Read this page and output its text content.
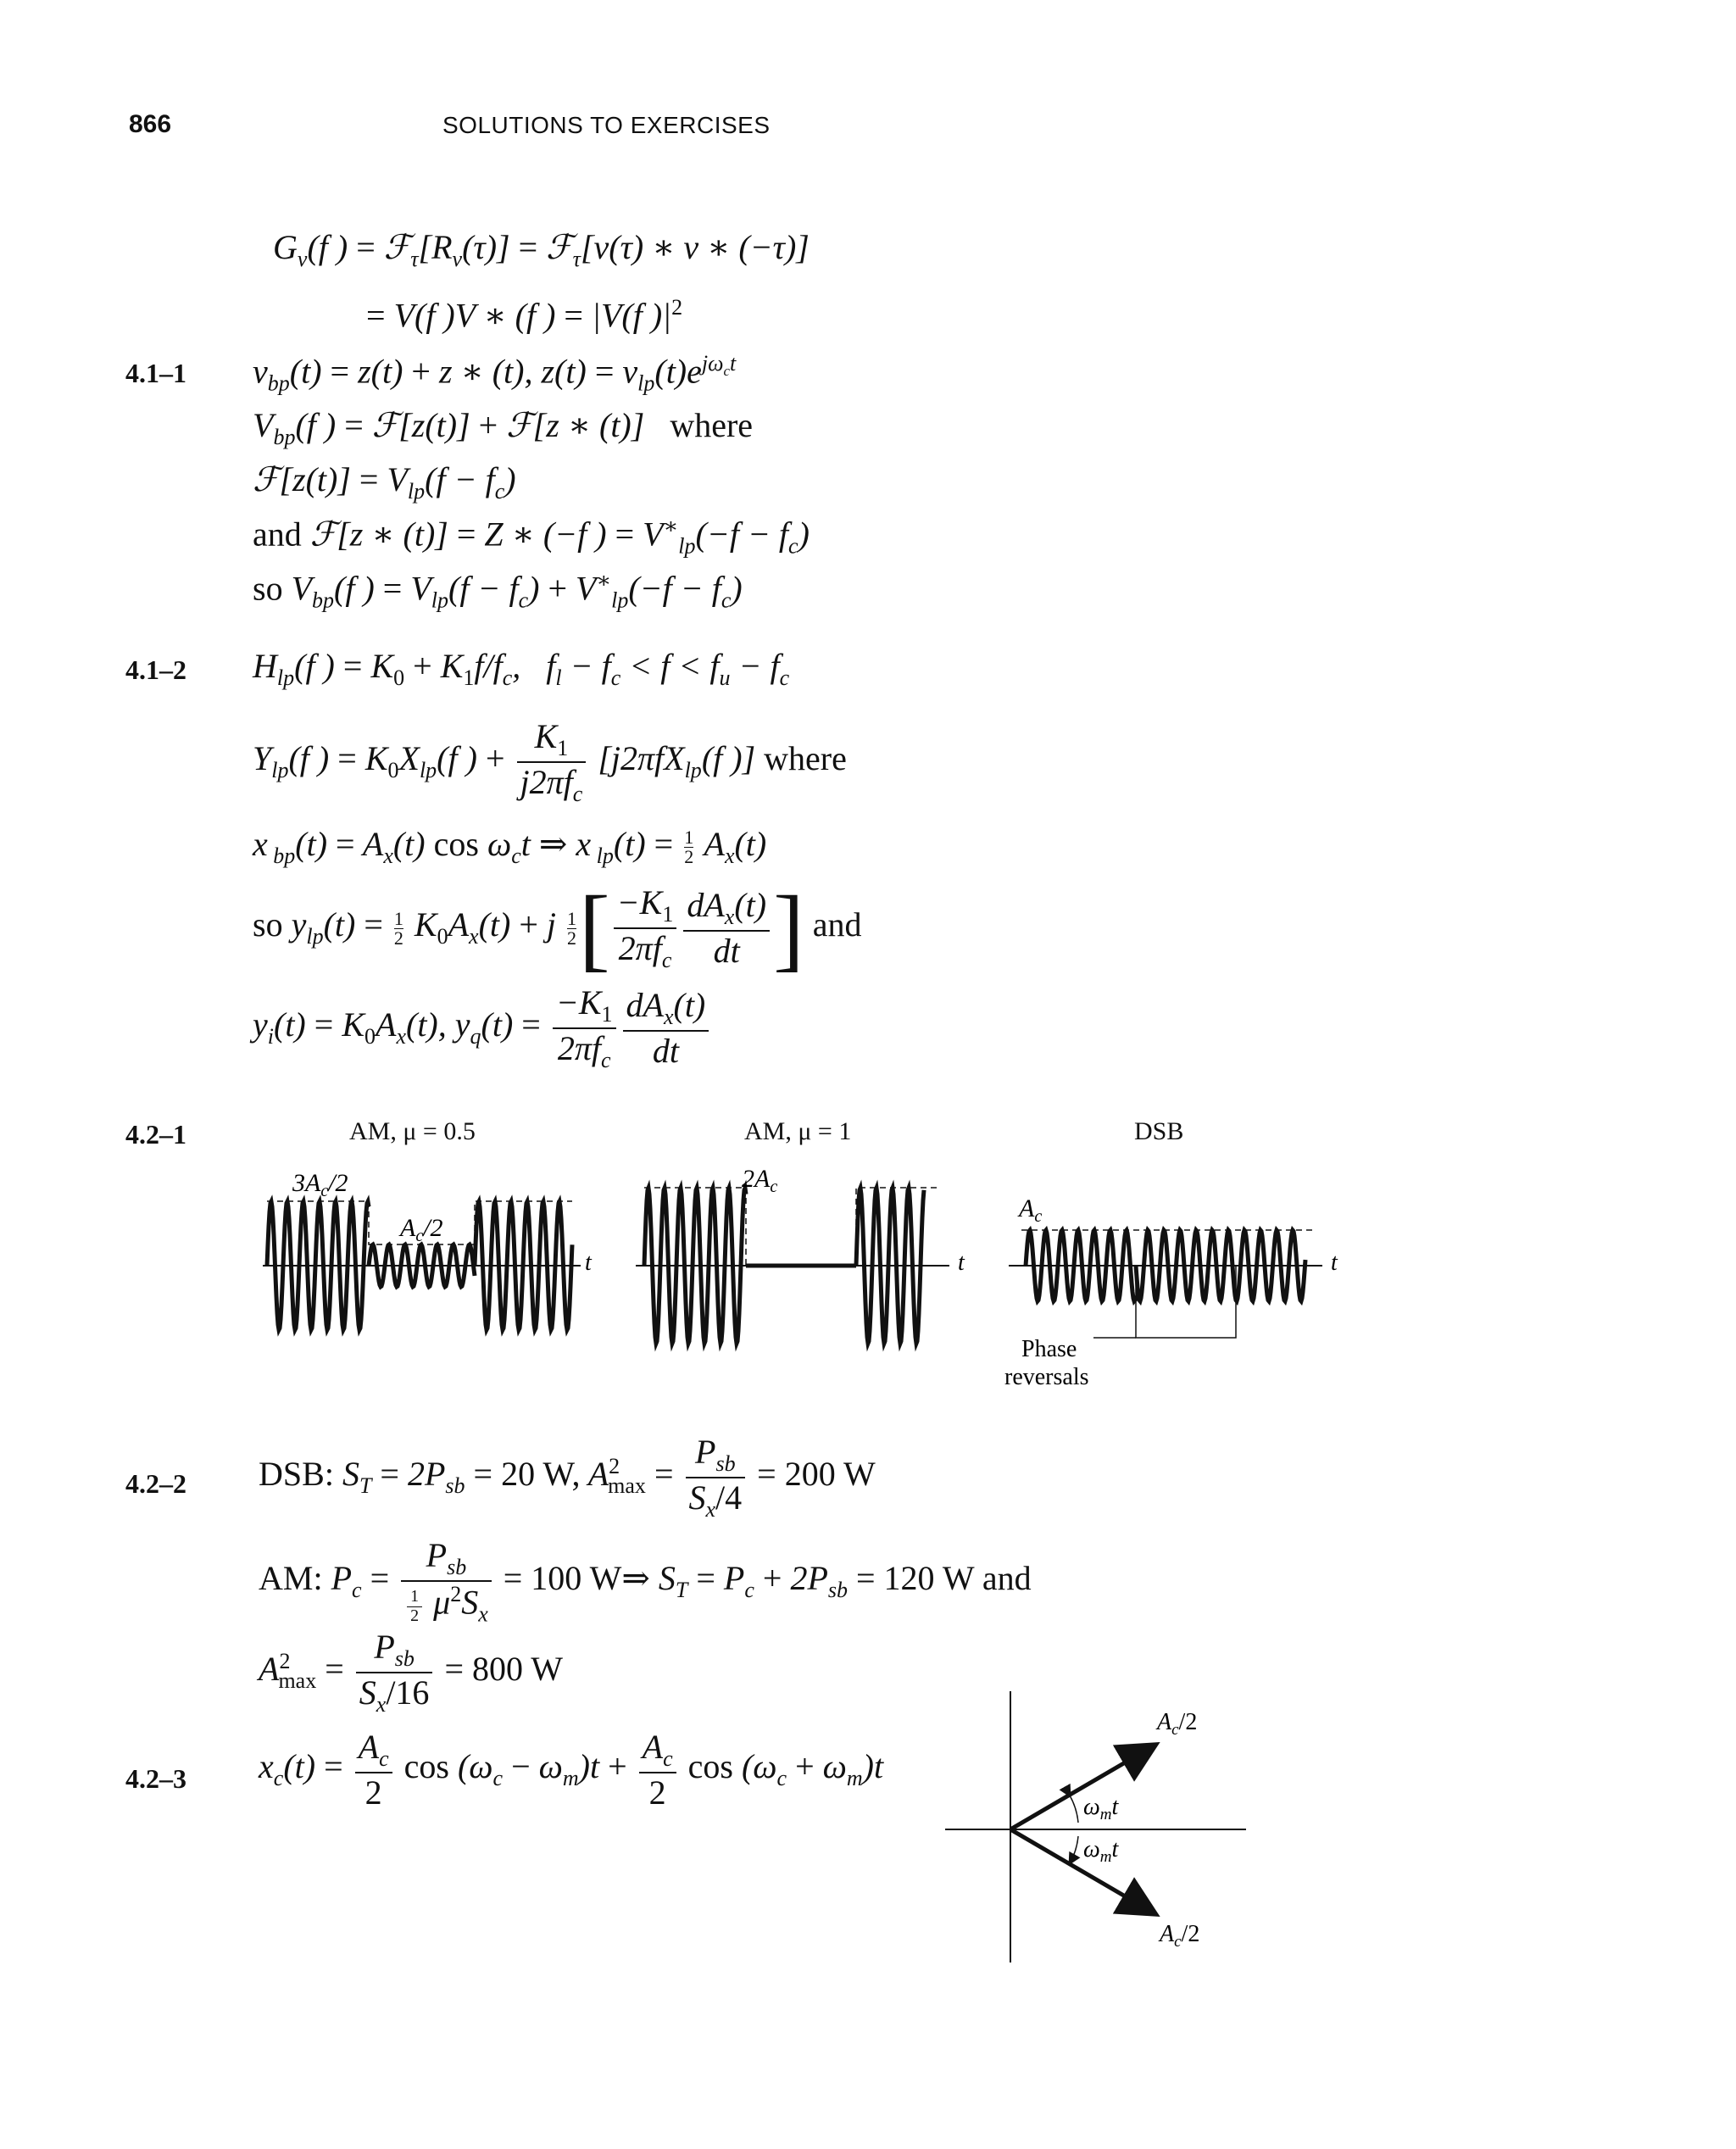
866	SOLUTIONS TO EXERCISES
$G_v(f$ ) = $ℱ_\tau[R_v(\tau)]$ = ℱ$_\tau$[v(τ) ∗ v ∗ (−τ)]
= V(f )V ∗ (f ) = |V(f )$|^2$
4.1–1 $v_{bp}(t) = z(t) + z$ ∗ (t), $z(t) = v_{lp}(t)e^{j\omega_ct}$
$V_{bp}(f$ ) = ℱ[z(t)] + ℱ[z ∗ (t)]   where
ℱ[z(t)] = $V_{lp}(f - f_c)$
and ℱ[z ∗ (t)] = Z ∗ (−f ) = $V^∗_{lp}(-f - f_c)$
so $V_{bp}(f$ ) = $V_{lp}(f - f_c) + V^∗_{lp}(-f - f_c)$
4.1–2 $H_{lp}(f$ ) = $K_0 + K_1f/f_c$,   $f_l - f_c < f < f_u - f_c$
$Y_{lp}(f$ ) = $K_0X_{lp}(f$ ) + $\frac{K_1}{j2\pi f_c} [j2\pi fX_{lp}(f$ )] where
x $_{bp}(t) = A_x(t)$ $\cos \omega_ct$ ⇒ x $_{lp}(t) = \frac{1}{2} A_x(t)$
so $y_{lp}(t) = \frac{1}{2} K_0A_x(t) + j \frac{1}{2}$ [ $\frac{-K_1}{2\pi f_c} \frac{dA_x(t)}{dt}$ ] and
$y_i(t) = K_0A_x(t)$, $y_q(t) = \frac{-K_1}{2\pi f_c} \frac{dA_x(t)}{dt}$
4.2–1	AM, μ = 0.5	AM, μ = 1	DSB
$3A_c/2$
$A_c/2$
t
$2A_c$
t
$A_c$
t
Phase
reversals
4.2–2 DSB: $S_T = 2P_{sb} = 20$ W, $A^2_{max} = \frac{P_{sb}}{S_x/4} = 200$ W
AM: $P_c = \frac{P_{sb}}{\frac{1}{2} \mu^2S_x} = 100$ W⇒ $S_T = P_c + 2P_{sb} = 120$ W and
$A^2_{max} = \frac{P_{sb}}{S_x/16} = 800$ W
4.2–3 $x_c(t) = \frac{A_c}{2}$ $\cos (\omega_c - \omega_m)t + \frac{A_c}{2}$ $\cos (\omega_c + \omega_m)t$
$A_c/2$
$A_c/2$
$\omega_mt$
$\omega_mt$
